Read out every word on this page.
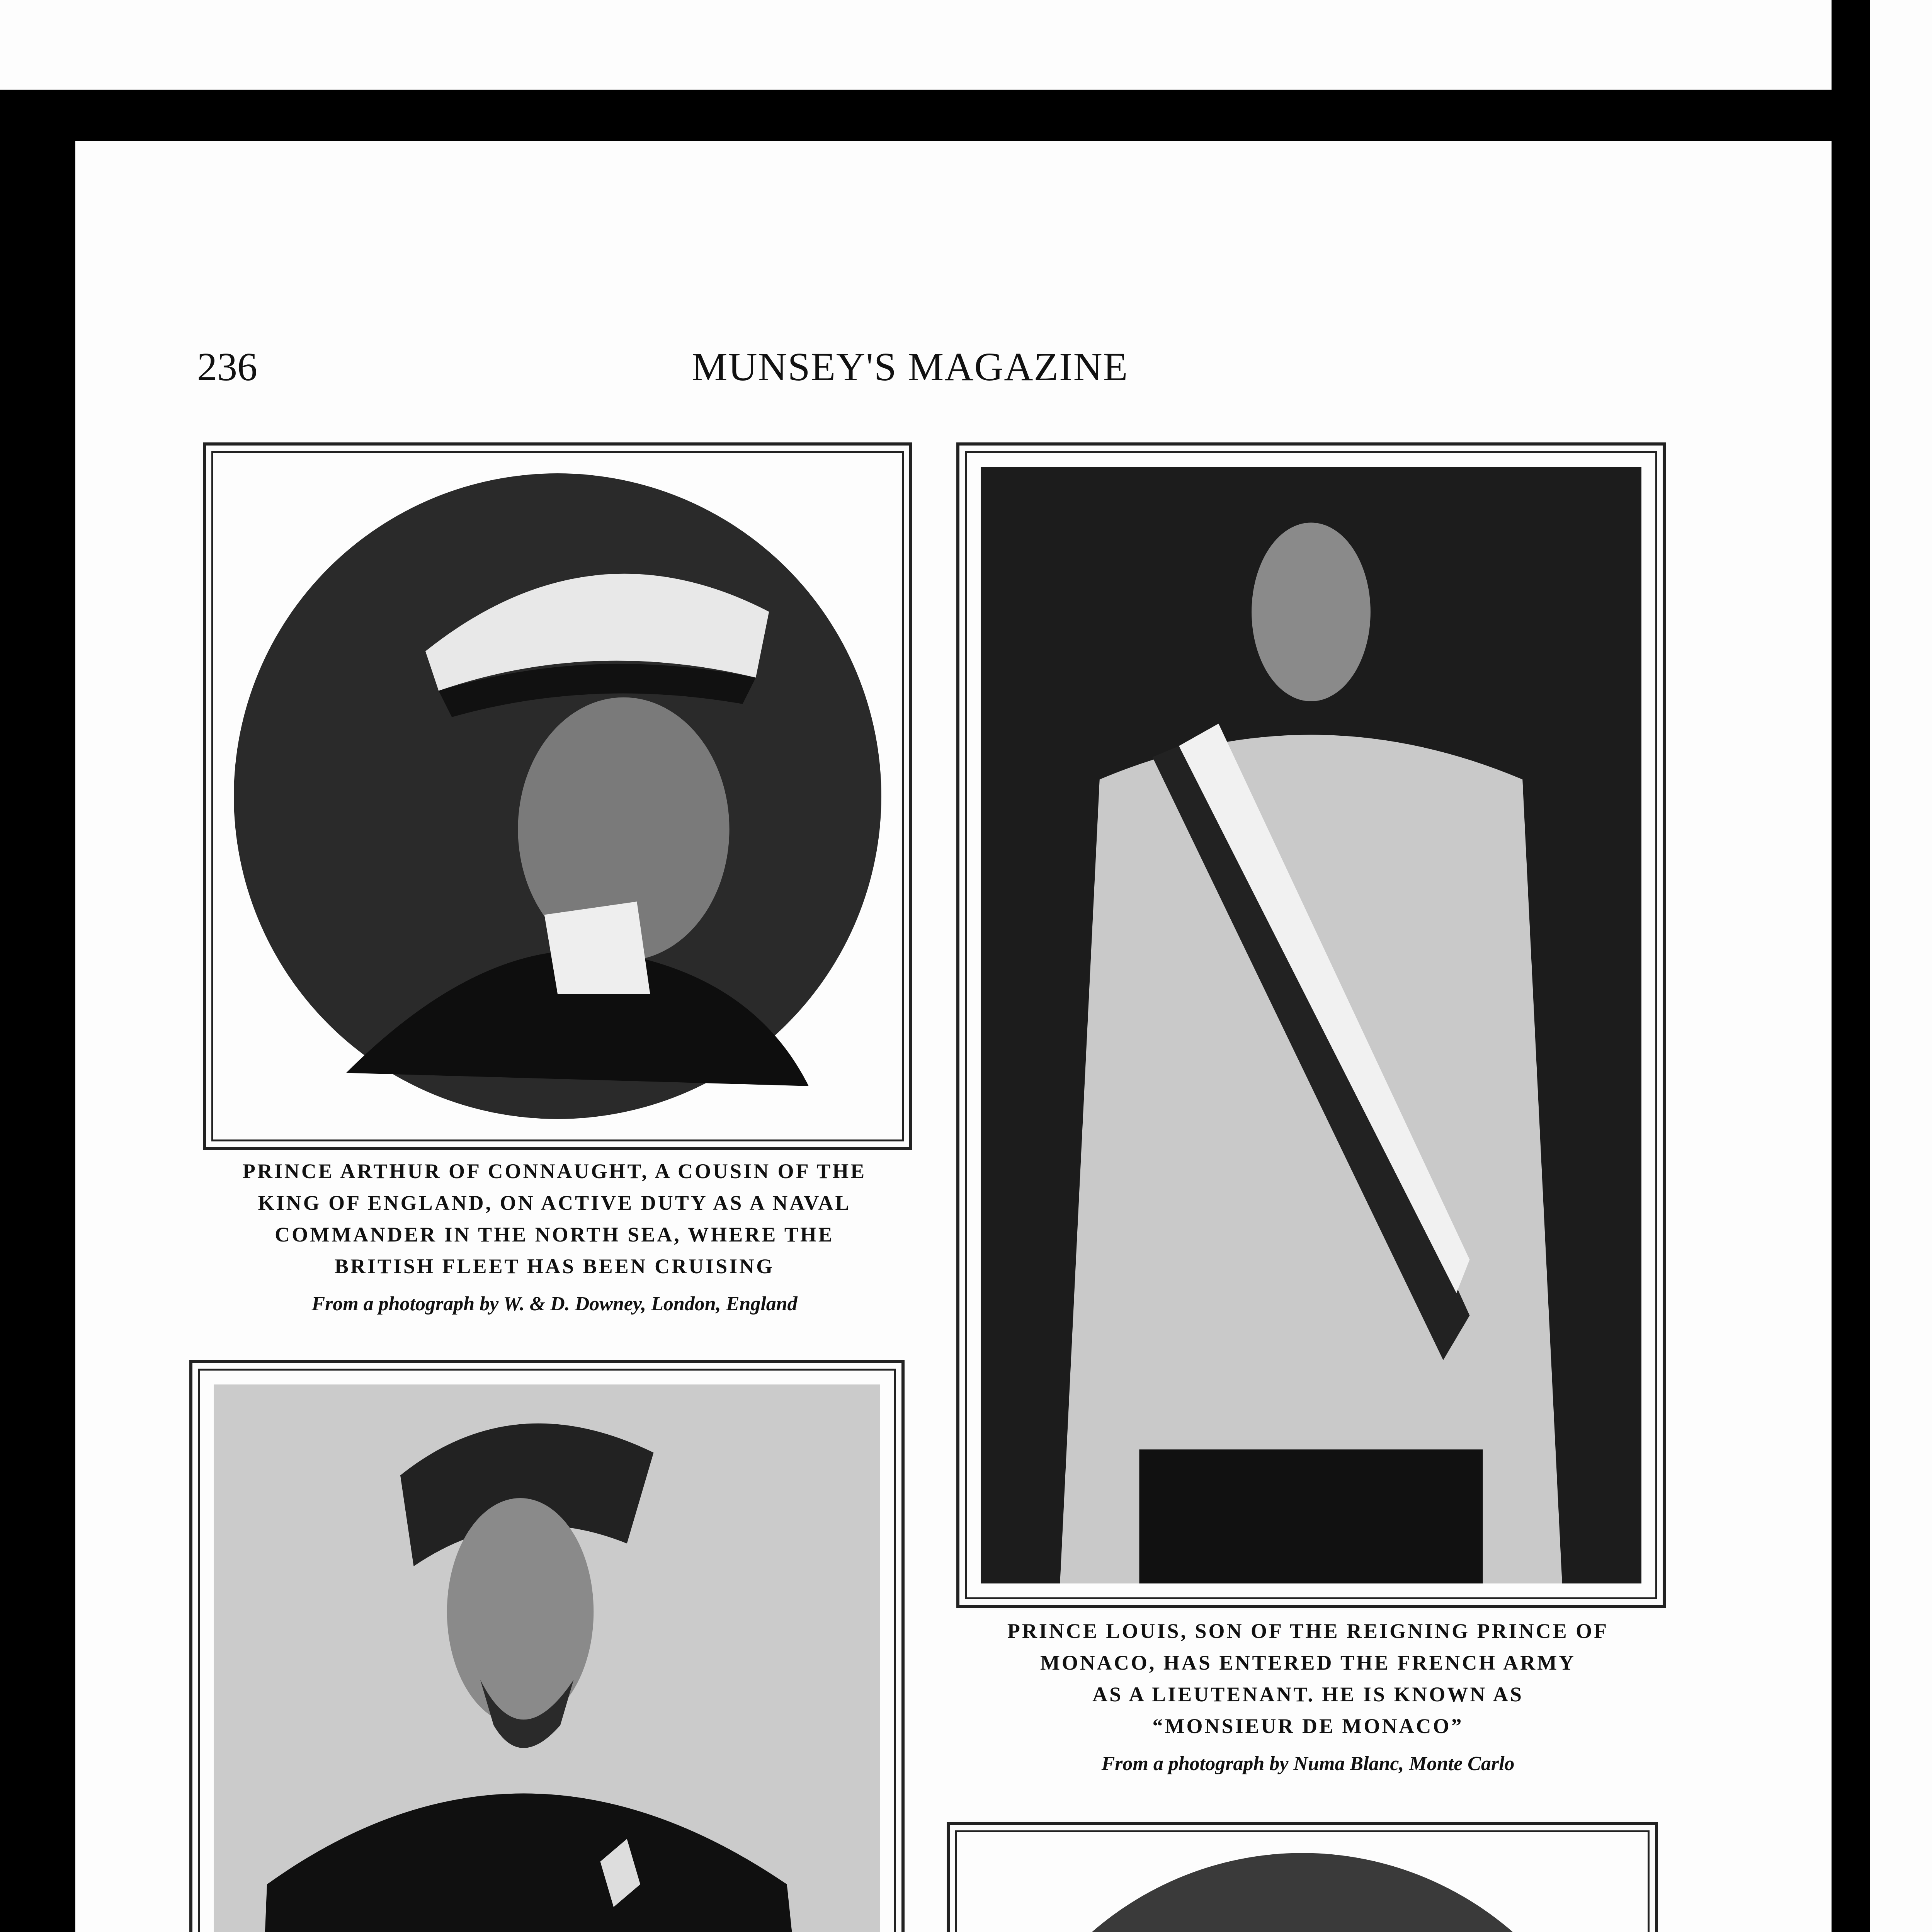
236	MUNSEY'S MAGAZINE
PRINCE ARTHUR OF CONNAUGHT, A COUSIN OF THE
KING OF ENGLAND, ON ACTIVE DUTY AS A NAVAL
COMMANDER IN THE NORTH SEA, WHERE THE
BRITISH FLEET HAS BEEN CRUISING
From a photograph by W. & D. Downey, London, England
PRINCE LOUIS, SON OF THE REIGNING PRINCE OF
MONACO, HAS ENTERED THE FRENCH ARMY
AS A LIEUTENANT. HE IS KNOWN AS
“MONSIEUR DE MONACO”
From a photograph by Numa Blanc, Monte Carlo
